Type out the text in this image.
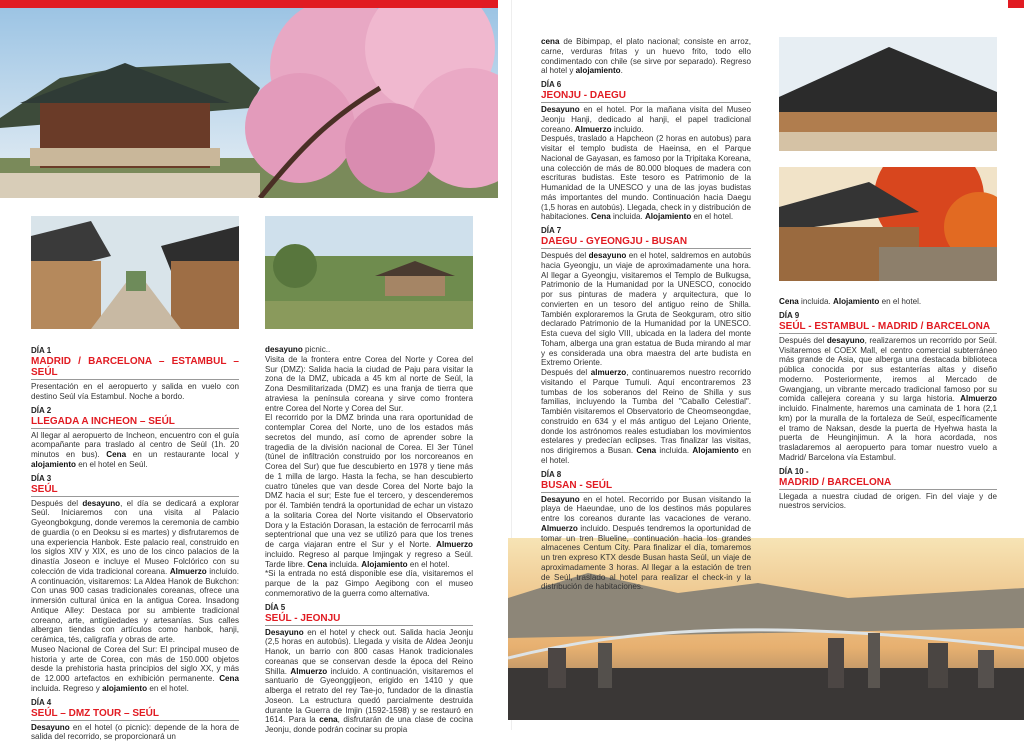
DÍA 1
MADRID / BARCELONA – ESTAMBUL – SEÚL

Presentación en el aeropuerto y salida en vuelo con destino Seúl vía Estambul. Noche a bordo.

DÍA 2
LLEGADA A INCHEON – SEÚL

Al llegar al aeropuerto de Incheon, encuentro con el guía acompañante para traslado al centro de Seúl (1h. 20 minutos en bus). Cena en un restaurante local y alojamiento en el hotel en Seúl.

DÍA 3
SEÚL

Después del desayuno, el día se dedicará a explorar Seúl. Iniciaremos con una visita al Palacio Gyeongbokgung, donde veremos la ceremonia de cambio de guardia (o en Deoksu si es martes) y disfrutaremos de una experiencia Hanbok. Este palacio real, construido en los siglos XIV y XIX, es uno de los cinco palacios de la dinastía Joseon e incluye el Museo Folclórico con su colección de vida tradicional coreana. Almuerzo incluido. A continuación, visitaremos: La Aldea Hanok de Bukchon: Con unas 900 casas tradicionales coreanas, ofrece una inmersión cultural única en la antigua Corea. Insadong Antique Alley: Destaca por su ambiente tradicional coreano, arte, antigüedades y artesanías. Sus calles albergan tiendas con artículos como hanbok, hanji, cerámica, tés, caligrafía y obras de arte.

Museo Nacional de Corea del Sur: El principal museo de historia y arte de Corea, con más de 150.000 objetos desde la prehistoria hasta principios del siglo XX, y más de 12.000 artefactos en exhibición permanente. Cena incluida. Regreso y alojamiento en el hotel.

DÍA 4
SEÚL – DMZ TOUR – SEÚL

Desayuno en el hotel (o picnic): depende de la hora de salida del recorrido, se proporcionará un

desayuno picnic..

Visita de la frontera entre Corea del Norte y Corea del Sur (DMZ): Salida hacia la ciudad de Paju para visitar la zona de la DMZ, ubicada a 45 km al norte de Seúl, la Zona Desmilitarizada (DMZ) es una franja de tierra que atraviesa la península coreana y sirve como frontera entre Corea del Norte y Corea del Sur.

El recorrido por la DMZ brinda una rara oportunidad de contemplar Corea del Norte, uno de los estados más secretos del mundo, así como de aprender sobre la tragedia de la división nacional de Corea. El 3er Túnel (túnel de infiltración construido por los norcoreanos en Corea del Sur) que fue descubierto en 1978 y tiene más de 1 milla de largo. Hasta la fecha, se han descubierto cuatro túneles que van desde Corea del Norte bajo la DMZ hacia el sur; Este fue el tercero, y descenderemos por él. También tendrá la oportunidad de echar un vistazo a la solitaria Corea del Norte visitando el Observatorio Dora y la Estación Dorasan, la estación de ferrocarril más septentrional que una vez se utilizó para que los trenes de carga viajaran entre el Sur y el Norte. Almuerzo incluido. Regreso al parque Imjingak y regreso a Seúl. Tarde libre. Cena incluida. Alojamiento en el hotel.

*Si la entrada no está disponible ese día, visitaremos el parque de la paz Gimpo Aegibong con el museo conmemorativo de la guerra como alternativa.

DÍA 5
SEÚL - JEONJU

Desayuno en el hotel y check out. Salida hacia Jeonju (2,5 horas en autobús). Llegada y visita de Aldea Jeonju Hanok, un barrio con 800 casas Hanok tradicionales coreanas que se conservan desde la época del Reino Shilla. Almuerzo incluido. A continuación, visitaremos el santuario de Gyeonggijeon, erigido en 1410 y que alberga el retrato del rey Tae-jo, fundador de la dinastía Joseon. La estructura quedó parcialmente destruida durante la Guerra de Imjin (1592-1598) y se restauró en 1614. Para la cena, disfrutarán de una clase de cocina Jeonju, donde podrán cocinar su propia

cena de Bibimpap, el plato nacional; consiste en arroz, carne, verduras fritas y un huevo frito, todo ello condimentado con chile (se sirve por separado). Regreso al hotel y alojamiento.

DÍA 6
JEONJU - DAEGU

Desayuno en el hotel. Por la mañana visita del Museo Jeonju Hanji, dedicado al hanji, el papel tradicional coreano. Almuerzo incluido.

Después, traslado a Hapcheon (2 horas en autobus) para visitar el templo budista de Haeinsa, en el Parque Nacional de Gayasan, es famoso por la Tripitaka Koreana, una colección de más de 80.000 bloques de madera con escrituras budistas. Este tesoro es Patrimonio de la Humanidad de la UNESCO y una de las joyas budistas más importantes del mundo. Continuación hacia Daegu (1,5 horas en autobús). Llegada, check in y distribución de habitaciones. Cena incluida. Alojamiento en el hotel.

DÍA 7
DAEGU - GYEONGJU - BUSAN

Después del desayuno en el hotel, saldremos en autobús hacia Gyeongju, un viaje de aproximadamente una hora. Al llegar a Gyeongju, visitaremos el Templo de Bulkugsa, Patrimonio de la Humanidad por la UNESCO, conocido por sus pinturas de madera y arquitectura, que lo convierten en un tesoro del antiguo reino de Shilla. También exploraremos la Gruta de Seokguram, otro sitio declarado Patrimonio de la Humanidad por la UNESCO. Esta cueva del siglo VIII, ubicada en la ladera del monte Toham, alberga una gran estatua de Buda mirando al mar y es considerada una obra maestra del arte budista en Extremo Oriente.

Después del almuerzo, continuaremos nuestro recorrido visitando el Parque Tumuli. Aquí encontraremos 23 tumbas de los soberanos del Reino de Shilla y sus familias, incluyendo la Tumba del "Caballo Celestial". También visitaremos el Observatorio de Cheomseongdae, construido en 634 y el más antiguo del Lejano Oriente, donde los astrónomos reales estudiaban los movimientos estelares y predecían eclipses. Tras finalizar las visitas, nos dirigiremos a Busan. Cena incluida. Alojamiento en el hotel.

DÍA 8
BUSAN - SEÚL

Desayuno en el hotel. Recorrido por Busan visitando la playa de Haeundae, uno de los destinos más populares entre los coreanos durante las vacaciones de verano. Almuerzo incluido. Después tendremos la oportunidad de tomar un tren Blueline, continuación hacia los grandes almacenes Centum City. Para finalizar el día, tomaremos un tren expreso KTX desde Busan hasta Seúl, un viaje de aproximadamente 3 horas. Al llegar a la estación de tren de Seúl, traslado al hotel para realizar el check-in y la distribución de habitaciones.

Cena incluida. Alojamiento en el hotel.

DÍA 9
SEÚL - ESTAMBUL - MADRID / BARCELONA

Después del desayuno, realizaremos un recorrido por Seúl. Visitaremos el COEX Mall, el centro comercial subterráneo más grande de Asia, que alberga una destacada biblioteca pública conocida por sus estanterías altas y diseño moderno. Posteriormente, iremos al Mercado de Gwangjang, un vibrante mercado tradicional famoso por su comida callejera coreana y su larga historia. Almuerzo incluido. Finalmente, haremos una caminata de 1 hora (2,1 km) por la muralla de la fortaleza de Seúl, específicamente el tramo de Naksan, desde la puerta de Hyehwa hasta la puerta de Heunginjimun. A la hora acordada, nos trasladaremos al aeropuerto para tomar nuestro vuelo a Madrid/ Barcelona vía Estambul.

DÍA 10 -
MADRID / BARCELONA

Llegada a nuestra ciudad de origen. Fin del viaje y de nuestros servicios.
